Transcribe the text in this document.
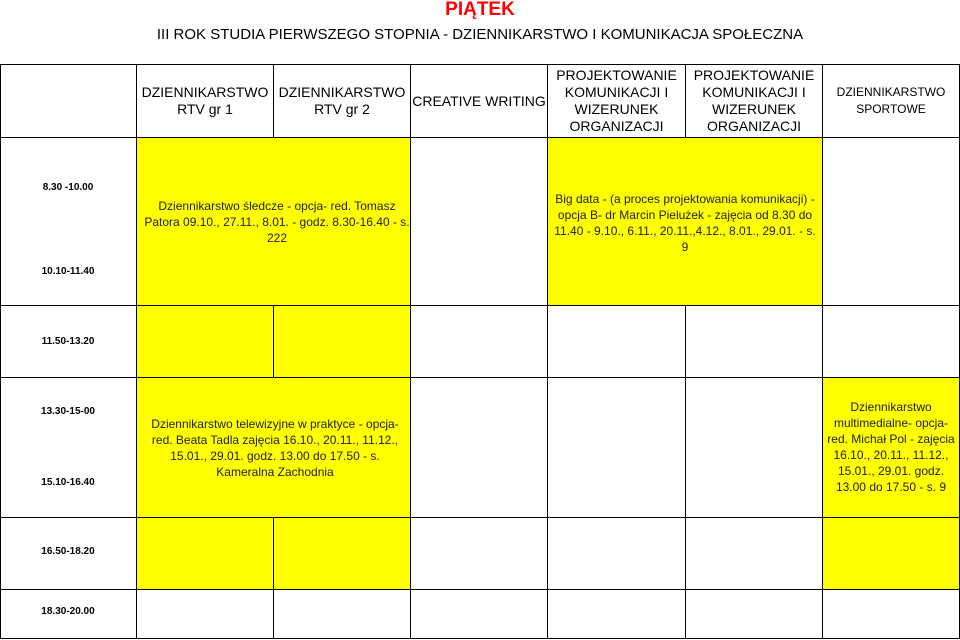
PIĄTEK
III ROK STUDIA PIERWSZEGO STOPNIA - DZIENNIKARSTWO I KOMUNIKACJA SPOŁECZNA
DZIENNIKARSTWO RTV gr 1
DZIENNIKARSTWO RTV gr 2
CREATIVE WRITING
PROJEKTOWANIE KOMUNIKACJI I WIZERUNEK ORGANIZACJI
PROJEKTOWANIE KOMUNIKACJI I WIZERUNEK ORGANIZACJI
DZIENNIKARSTWO SPORTOWE
8.30 -10.00
10.10-11.40
11.50-13.20
13.30-15-00
15.10-16.40
16.50-18.20
18.30-20.00
Dziennikarstwo śledcze - opcja- red. Tomasz Patora 09.10., 27.11., 8.01. - godz. 8.30-16.40 - s. 222
Big data - (a proces projektowania komunikacji) -opcja B- dr Marcin Pielużek - zajęcia od 8.30 do 11.40 - 9.10., 6.11., 20.11.,4.12., 8.01., 29.01. - s. 9
Dziennikarstwo telewizyjne w praktyce - opcja- red. Beata Tadla zajęcia 16.10., 20.11., 11.12., 15.01., 29.01. godz. 13.00 do 17.50 - s. Kameralna Zachodnia
Dziennikarstwo multimedialne- opcja- red. Michał Pol - zajęcia 16.10., 20.11., 11.12., 15.01., 29.01. godz. 13.00 do 17.50 - s. 9
